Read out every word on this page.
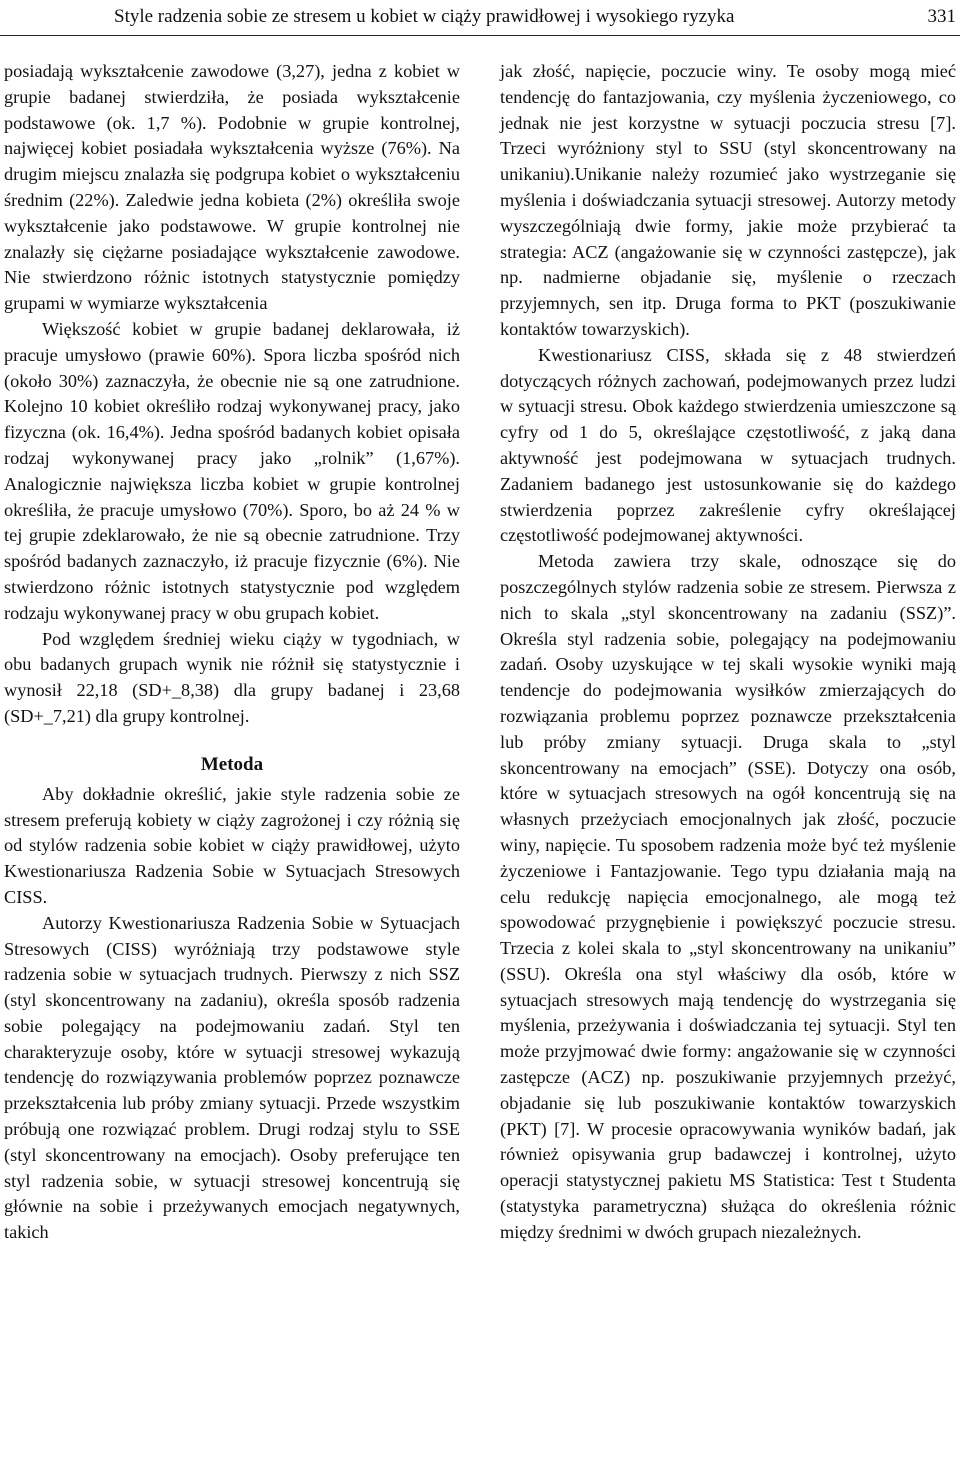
Style radzenia sobie ze stresem u kobiet w ciąży prawidłowej i wysokiego ryzyka	331

posiadają wykształcenie zawodowe (3,27), jedna z kobiet w grupie badanej stwierdziła, że posiada wykształcenie podstawowe (ok. 1,7 %). Podobnie w grupie kontrolnej, najwięcej kobiet posiadała wykształcenia wyższe (76%). Na drugim miejscu znalazła się podgrupa kobiet o wykształceniu średnim (22%). Zaledwie jedna kobieta (2%) określiła swoje wykształcenie jako podstawowe. W grupie kontrolnej nie znalazły się ciężarne posiadające wykształcenie zawodowe. Nie stwierdzono różnic istotnych statystycznie pomiędzy grupami w wymiarze wykształcenia

Większość kobiet w grupie badanej deklarowała, iż pracuje umysłowo (prawie 60%). Spora liczba spośród nich (około 30%) zaznaczyła, że obecnie nie są one zatrudnione. Kolejno 10 kobiet określiło rodzaj wykonywanej pracy, jako fizyczna (ok. 16,4%). Jedna spośród badanych kobiet opisała rodzaj wykonywanej pracy jako „rolnik” (1,67%). Analogicznie największa liczba kobiet w grupie kontrolnej określiła, że pracuje umysłowo (70%). Sporo, bo aż 24 % w tej grupie zdeklarowało, że nie są obecnie zatrudnione. Trzy spośród badanych zaznaczyło, iż pracuje fizycznie (6%). Nie stwierdzono różnic istotnych statystycznie pod względem rodzaju wykonywanej pracy w obu grupach kobiet.

Pod względem średniej wieku ciąży w tygodniach, w obu badanych grupach wynik nie różnił się statystycznie i wynosił 22,18 (SD+_8,38) dla grupy badanej i 23,68 (SD+_7,21) dla grupy kontrolnej.

Metoda

Aby dokładnie określić, jakie style radzenia sobie ze stresem preferują kobiety w ciąży zagrożonej i czy różnią się od stylów radzenia sobie kobiet w ciąży prawidłowej, użyto Kwestionariusza Radzenia Sobie w Sytuacjach Stresowych CISS.

Autorzy Kwestionariusza Radzenia Sobie w Sytuacjach Stresowych (CISS) wyróżniają trzy podstawowe style radzenia sobie w sytuacjach trudnych. Pierwszy z nich SSZ (styl skoncentrowany na zadaniu), określa sposób radzenia sobie polegający na podejmowaniu zadań. Styl ten charakteryzuje osoby, które w sytuacji stresowej wykazują tendencję do rozwiązywania problemów poprzez poznawcze przekształcenia lub próby zmiany sytuacji. Przede wszystkim próbują one rozwiązać problem. Drugi rodzaj stylu to SSE (styl skoncentrowany na emocjach). Osoby preferujące ten styl radzenia sobie, w sytuacji stresowej koncentrują się głównie na sobie i przeżywanych emocjach negatywnych, takich

jak złość, napięcie, poczucie winy. Te osoby mogą mieć tendencję do fantazjowania, czy myślenia życzeniowego, co jednak nie jest korzystne w sytuacji poczucia stresu [7]. Trzeci wyróżniony styl to SSU (styl skoncentrowany na unikaniu).Unikanie należy rozumieć jako wystrzeganie się myślenia i doświadczania sytuacji stresowej. Autorzy metody wyszczególniają dwie formy, jakie może przybierać ta strategia: ACZ (angażowanie się w czynności zastępcze), jak np. nadmierne objadanie się, myślenie o rzeczach przyjemnych, sen itp. Druga forma to PKT (poszukiwanie kontaktów towarzyskich).

Kwestionariusz CISS, składa się z 48 stwierdzeń dotyczących różnych zachowań, podejmowanych przez ludzi w sytuacji stresu. Obok każdego stwierdzenia umieszczone są cyfry od 1 do 5, określające częstotliwość, z jaką dana aktywność jest podejmowana w sytuacjach trudnych. Zadaniem badanego jest ustosunkowanie się do każdego stwierdzenia poprzez zakreślenie cyfry określającej częstotliwość podejmowanej aktywności.

Metoda zawiera trzy skale, odnoszące się do poszczególnych stylów radzenia sobie ze stresem. Pierwsza z nich to skala „styl skoncentrowany na zadaniu (SSZ)”. Określa styl radzenia sobie, polegający na podejmowaniu zadań. Osoby uzyskujące w tej skali wysokie wyniki mają tendencje do podejmowania wysiłków zmierzających do rozwiązania problemu poprzez poznawcze przekształcenia lub próby zmiany sytuacji. Druga skala to „styl skoncentrowany na emocjach” (SSE). Dotyczy ona osób, które w sytuacjach stresowych na ogół koncentrują się na własnych przeżyciach emocjonalnych jak złość, poczucie winy, napięcie. Tu sposobem radzenia może być też myślenie życzeniowe i Fantazjowanie. Tego typu działania mają na celu redukcję napięcia emocjonalnego, ale mogą też spowodować przygnębienie i powiększyć poczucie stresu. Trzecia z kolei skala to „styl skoncentrowany na unikaniu” (SSU). Określa ona styl właściwy dla osób, które w sytuacjach stresowych mają tendencję do wystrzegania się myślenia, przeżywania i doświadczania tej sytuacji. Styl ten może przyjmować dwie formy: angażowanie się w czynności zastępcze (ACZ) np. poszukiwanie przyjemnych przeżyć, objadanie się lub poszukiwanie kontaktów towarzyskich (PKT) [7]. W procesie opracowywania wyników badań, jak również opisywania grup badawczej i kontrolnej, użyto operacji statystycznej pakietu MS Statistica: Test t Studenta (statystyka parametryczna) służąca do określenia różnic między średnimi w dwóch grupach niezależnych.
